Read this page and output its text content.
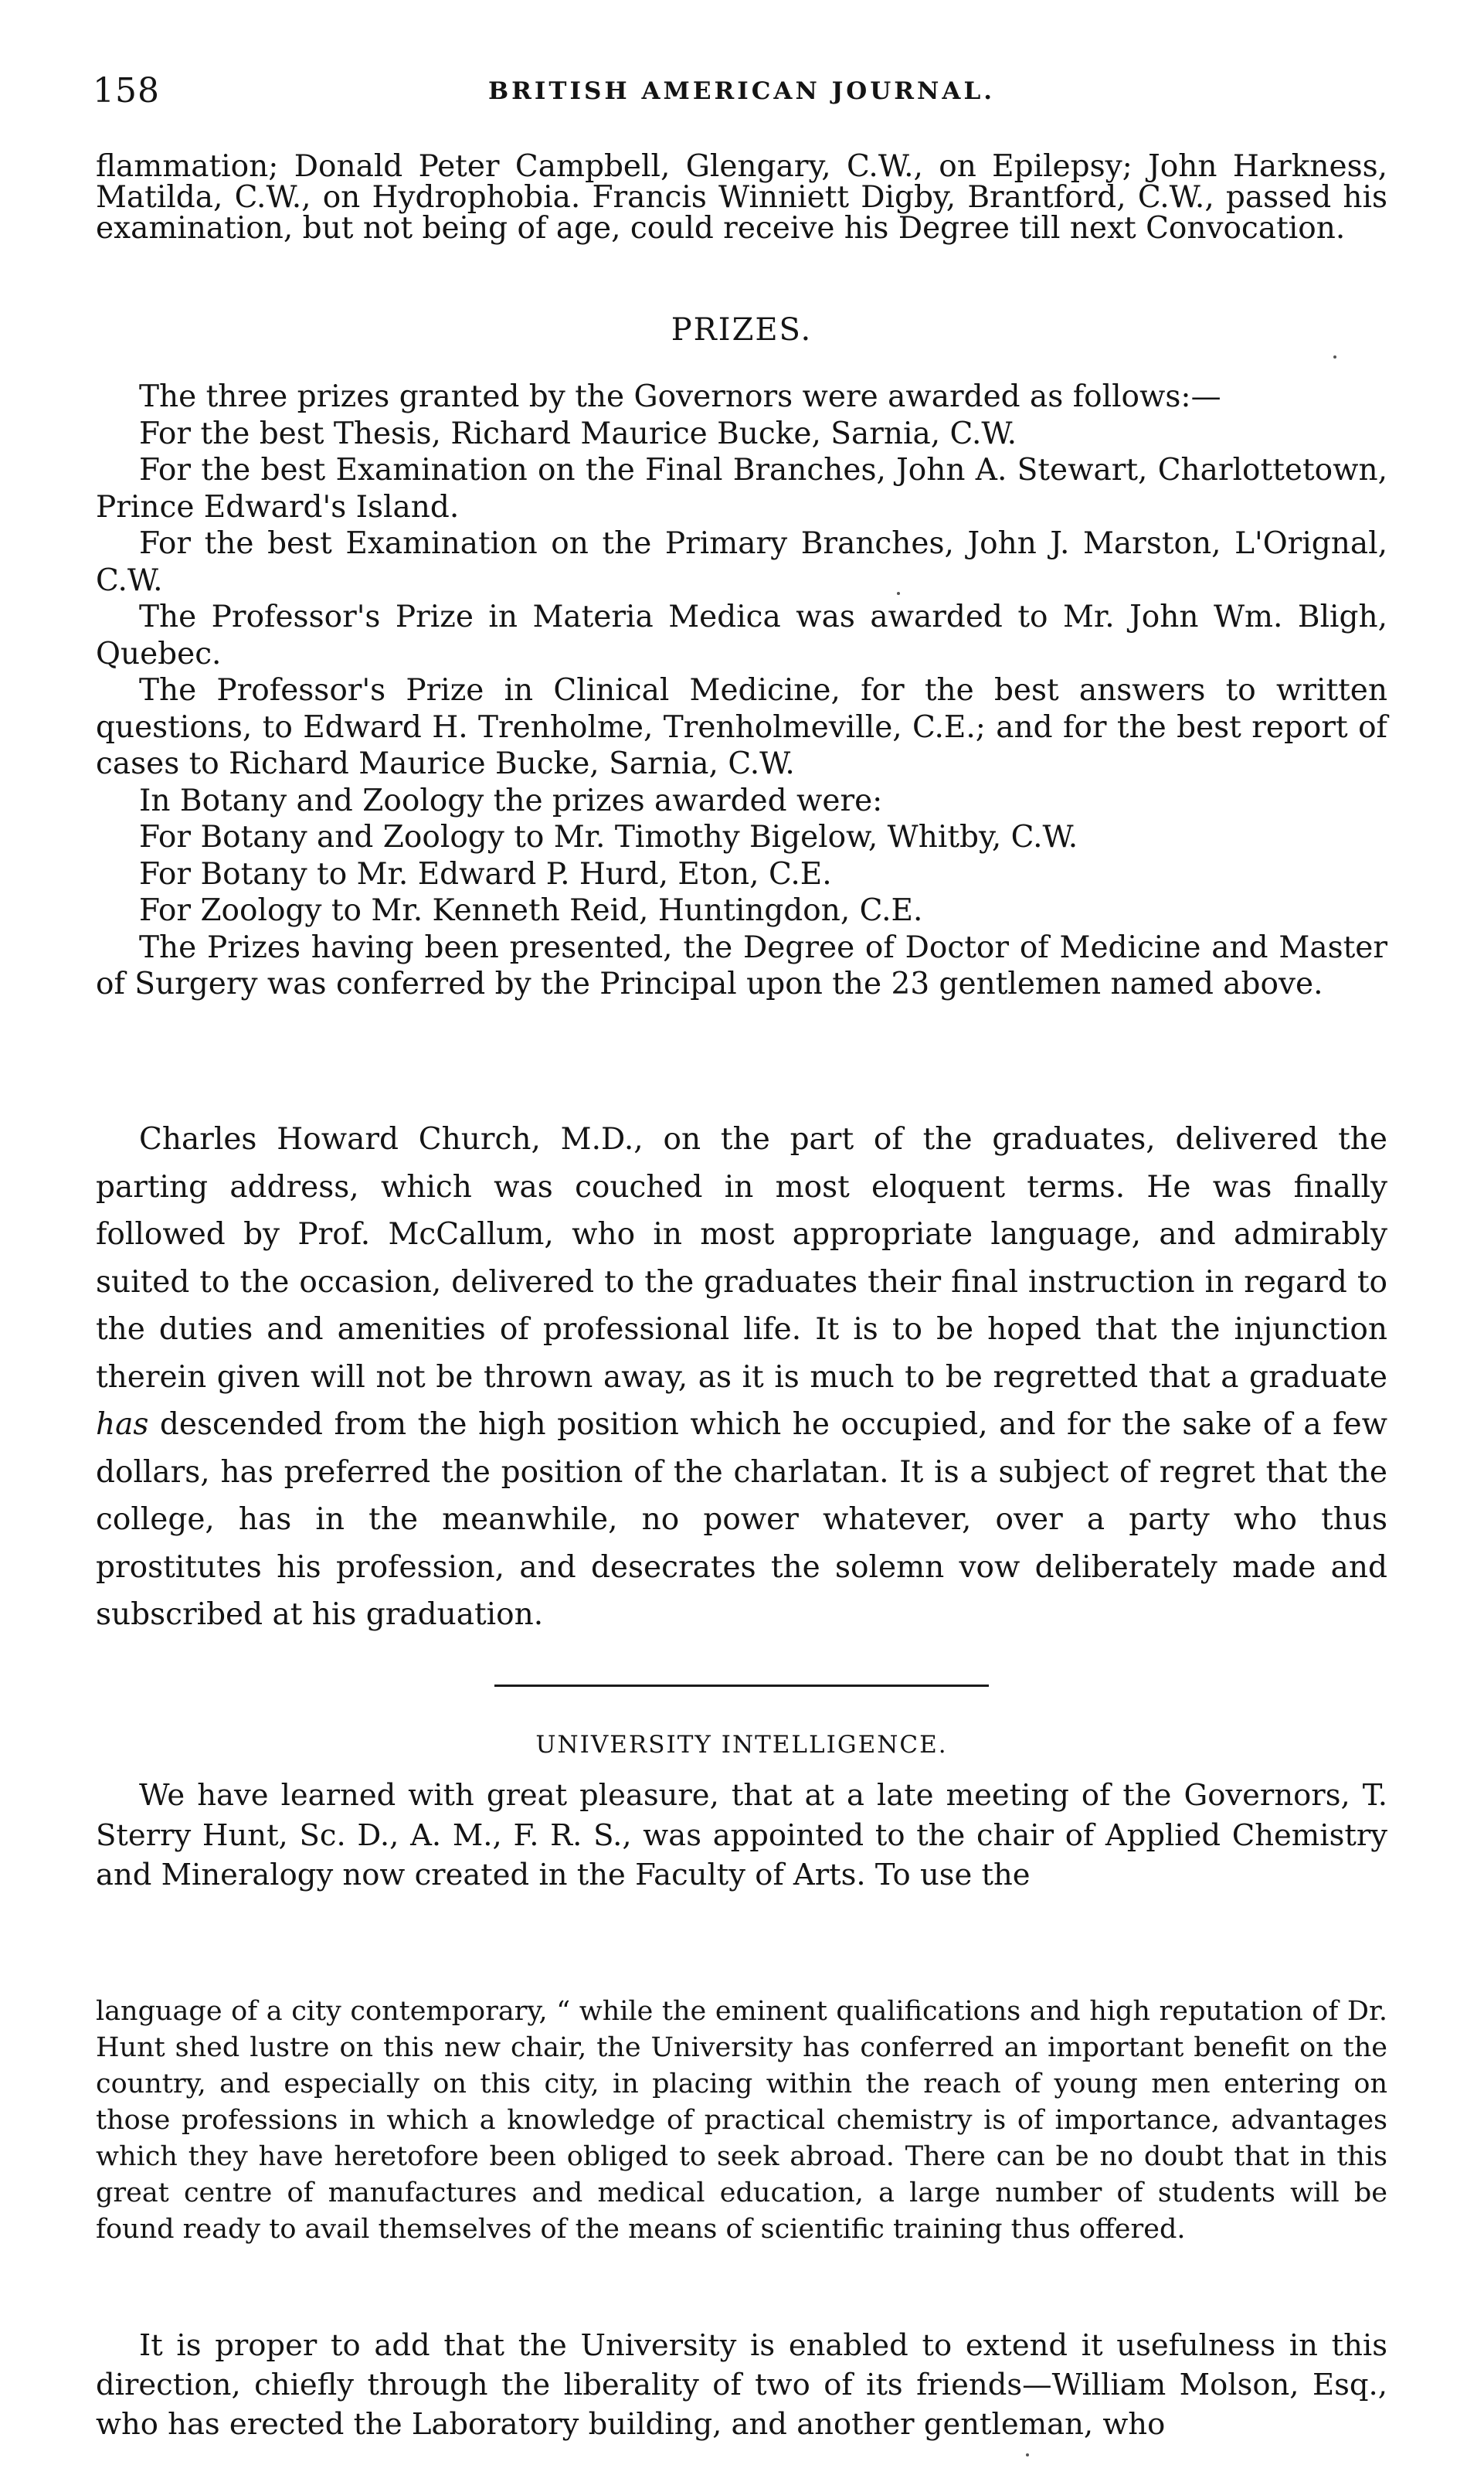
158	BRITISH AMERICAN JOURNAL.

flammation; Donald Peter Campbell, Glengary, C.W., on Epilepsy; John Harkness, Matilda, C.W., on Hydrophobia. Francis Winniett Digby, Brantford, C.W., passed his examination, but not being of age, could receive his Degree till next Convocation.

PRIZES.

The three prizes granted by the Governors were awarded as follows:—

For the best Thesis, Richard Maurice Bucke, Sarnia, C.W.

For the best Examination on the Final Branches, John A. Stewart, Charlottetown, Prince Edward's Island.

For the best Examination on the Primary Branches, John J. Marston, L'Orignal, C.W.

The Professor's Prize in Materia Medica was awarded to Mr. John Wm. Bligh, Quebec.

The Professor's Prize in Clinical Medicine, for the best answers to written questions, to Edward H. Trenholme, Trenholmeville, C.E.; and for the best report of cases to Richard Maurice Bucke, Sarnia, C.W.

In Botany and Zoology the prizes awarded were:

For Botany and Zoology to Mr. Timothy Bigelow, Whitby, C.W.

For Botany to Mr. Edward P. Hurd, Eton, C.E.

For Zoology to Mr. Kenneth Reid, Huntingdon, C.E.

The Prizes having been presented, the Degree of Doctor of Medicine and Master of Surgery was conferred by the Principal upon the 23 gentlemen named above.

Charles Howard Church, M.D., on the part of the graduates, delivered the parting address, which was couched in most eloquent terms. He was finally followed by Prof. McCallum, who in most appropriate language, and admirably suited to the occasion, delivered to the graduates their final instruction in regard to the duties and amenities of professional life. It is to be hoped that the injunction therein given will not be thrown away, as it is much to be regretted that a graduate has descended from the high position which he occupied, and for the sake of a few dollars, has preferred the position of the charlatan. It is a subject of regret that the college, has in the meanwhile, no power whatever, over a party who thus prostitutes his profession, and desecrates the solemn vow deliberately made and subscribed at his graduation.

UNIVERSITY INTELLIGENCE.

We have learned with great pleasure, that at a late meeting of the Governors, T. Sterry Hunt, Sc. D., A. M., F. R. S., was appointed to the chair of Applied Chemistry and Mineralogy now created in the Faculty of Arts. To use the

language of a city contemporary, “ while the eminent qualifications and high reputation of Dr. Hunt shed lustre on this new chair, the University has conferred an important benefit on the country, and especially on this city, in placing within the reach of young men entering on those professions in which a knowledge of practical chemistry is of importance, advantages which they have heretofore been obliged to seek abroad. There can be no doubt that in this great centre of manufactures and medical education, a large number of students will be found ready to avail themselves of the means of scientific training thus offered.

It is proper to add that the University is enabled to extend it usefulness in this direction, chiefly through the liberality of two of its friends—William Molson, Esq., who has erected the Laboratory building, and another gentleman, who
